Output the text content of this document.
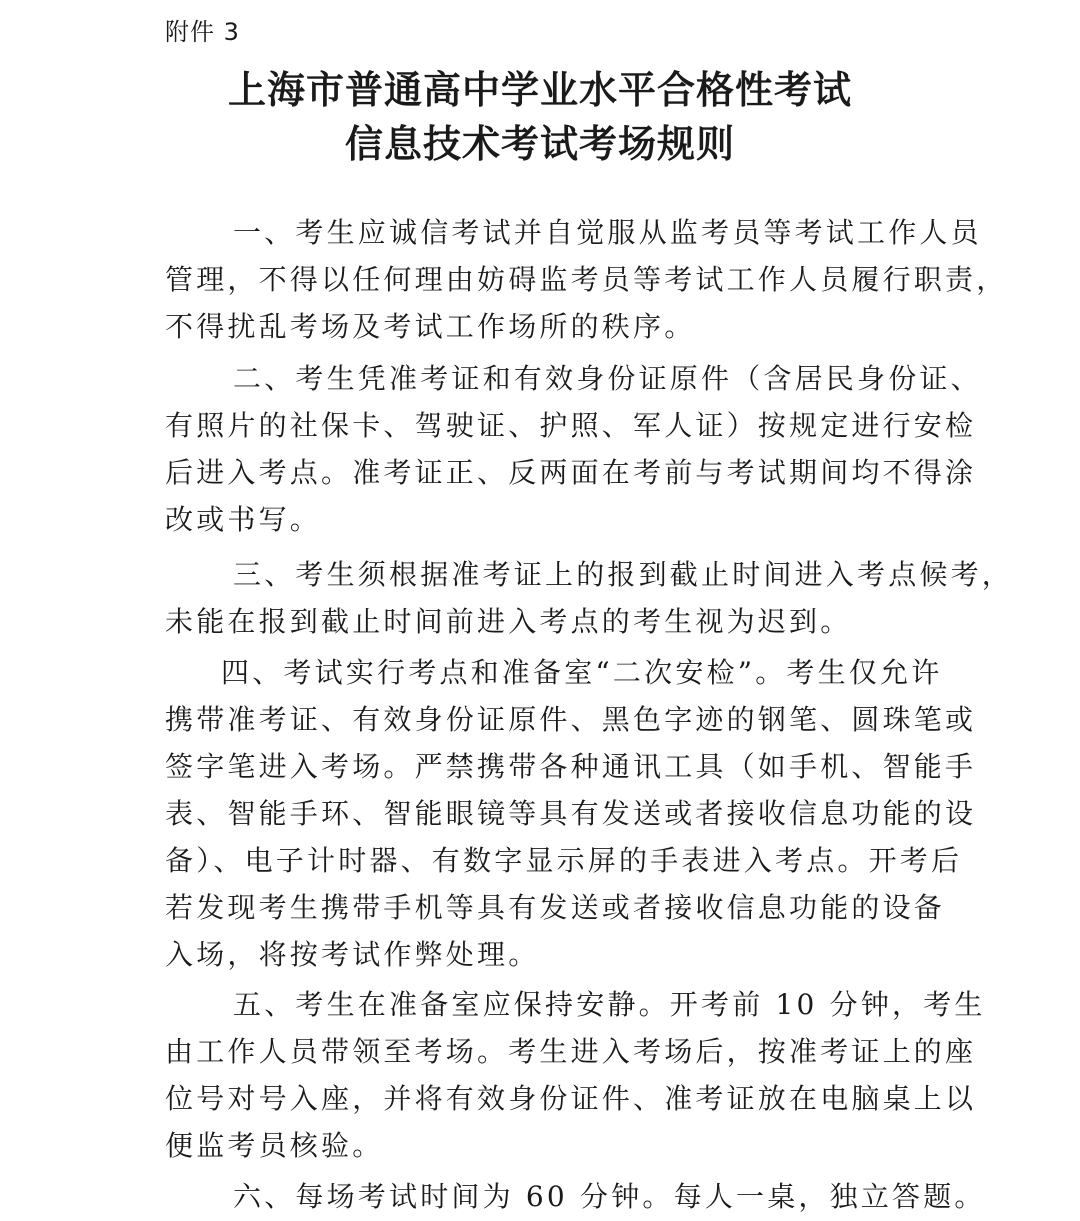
附件 3
上海市普通高中学业水平合格性考试
信息技术考试考场规则
一、考生应诚信考试并自觉服从监考员等考试工作人员
管理，不得以任何理由妨碍监考员等考试工作人员履行职责，
不得扰乱考场及考试工作场所的秩序。
二、考生凭准考证和有效身份证原件（含居民身份证、
有照片的社保卡、驾驶证、护照、军人证）按规定进行安检
后进入考点。准考证正、反两面在考前与考试期间均不得涂
改或书写。
三、考生须根据准考证上的报到截止时间进入考点候考，
未能在报到截止时间前进入考点的考生视为迟到。
四、考试实行考点和准备室“二次安检”。考生仅允许
携带准考证、有效身份证原件、黑色字迹的钢笔、圆珠笔或
签字笔进入考场。严禁携带各种通讯工具（如手机、智能手
表、智能手环、智能眼镜等具有发送或者接收信息功能的设
备）、电子计时器、有数字显示屏的手表进入考点。开考后
若发现考生携带手机等具有发送或者接收信息功能的设备
入场，将按考试作弊处理。
五、考生在准备室应保持安静。开考前 10 分钟，考生
由工作人员带领至考场。考生进入考场后，按准考证上的座
位号对号入座，并将有效身份证件、准考证放在电脑桌上以
便监考员核验。
六、每场考试时间为 60 分钟。每人一桌，独立答题。
